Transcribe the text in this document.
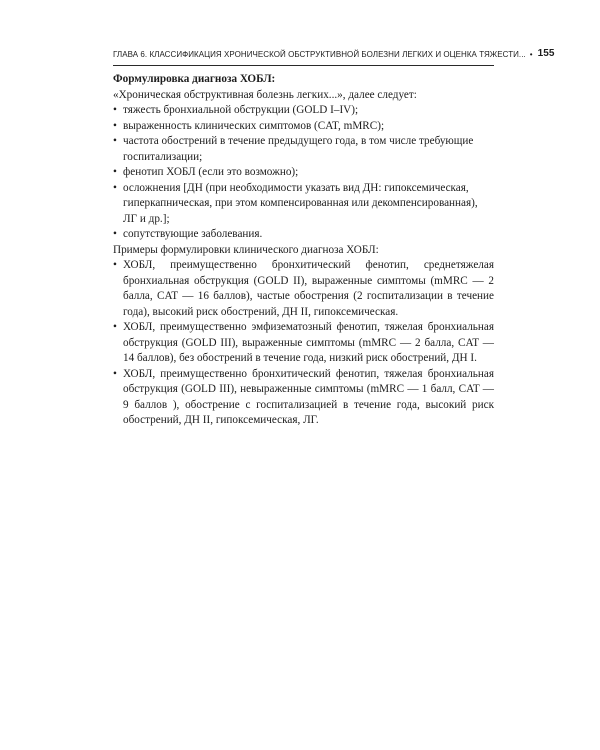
ГЛАВА 6. КЛАССИФИКАЦИЯ ХРОНИЧЕСКОЙ ОБСТРУКТИВНОЙ БОЛЕЗНИ ЛЕГКИХ И ОЦЕНКА ТЯЖЕСТИ... • 155

Формулировка диагноза ХОБЛ:

«Хроническая обструктивная болезнь легких...», далее следует:

• тяжесть бронхиальной обструкции (GOLD I–IV);
• выраженность клинических симптомов (CAT, mMRC);
• частота обострений в течение предыдущего года, в том числе требующие госпитализации;
• фенотип ХОБЛ (если это возможно);
• осложнения [ДН (при необходимости указать вид ДН: гипоксемическая, гиперкапническая, при этом компенсированная или декомпенсированная), ЛГ и др.];
• сопутствующие заболевания.

Примеры формулировки клинического диагноза ХОБЛ:

• ХОБЛ, преимущественно бронхитический фенотип, среднетяжелая бронхиальная обструкция (GOLD II), выраженные симптомы (mMRC — 2 балла, CAT — 16 баллов), частые обострения (2 госпитализации в течение года), высокий риск обострений, ДН II, гипоксемическая.
• ХОБЛ, преимущественно эмфизематозный фенотип, тяжелая бронхиальная обструкция (GOLD III), выраженные симптомы (mMRC — 2 балла, CAT — 14 баллов), без обострений в течение года, низкий риск обострений, ДН I.
• ХОБЛ, преимущественно бронхитический фенотип, тяжелая бронхиальная обструкция (GOLD III), невыраженные симптомы (mMRC — 1 балл, CAT — 9 баллов ), обострение с госпитализацией в течение года, высокий риск обострений, ДН II, гипоксемическая, ЛГ.
